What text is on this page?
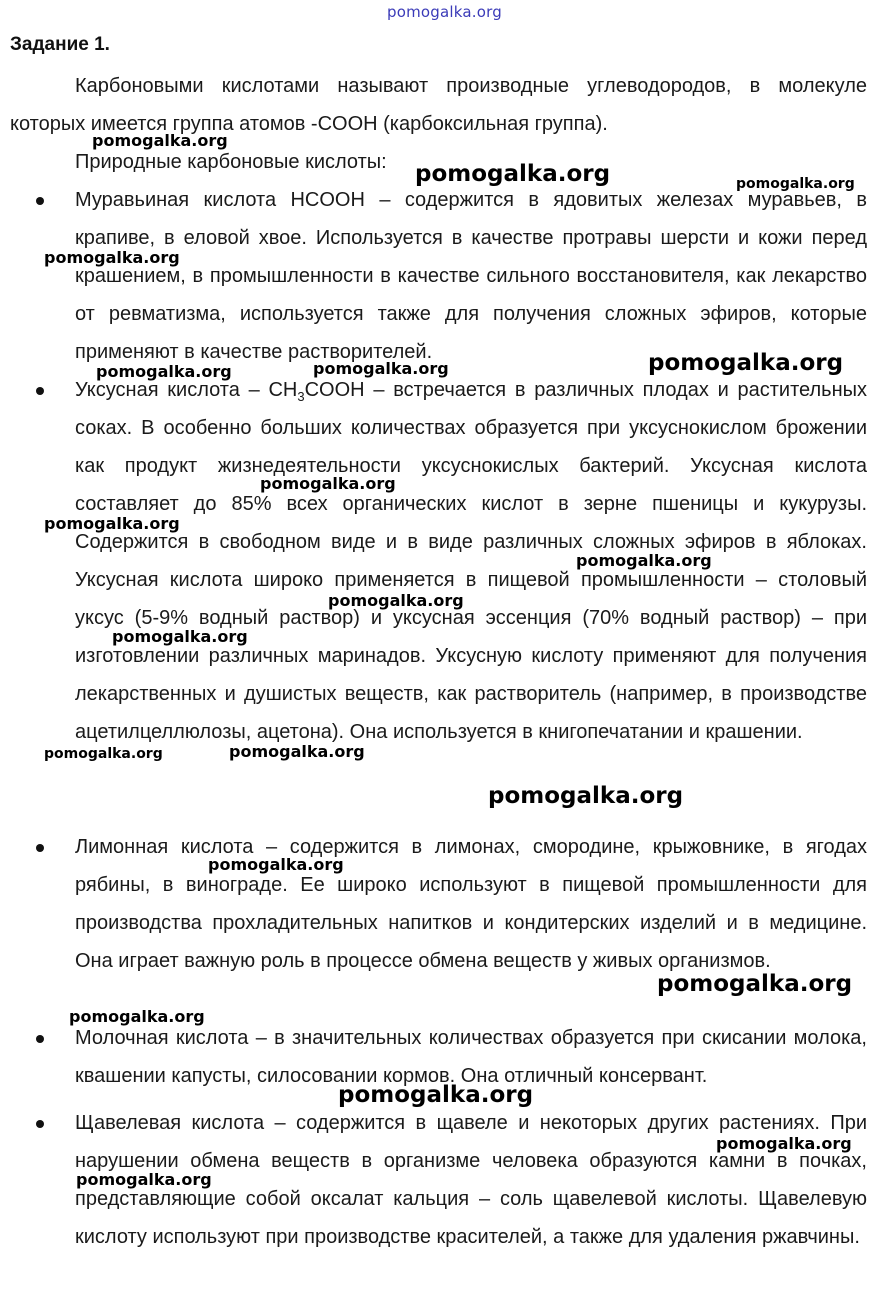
pomogalka.org
Задание 1.
Карбоновыми кислотами называют производные углеводородов, в молекуле которых имеется группа атомов -COOH (карбоксильная группа).
Природные карбоновые кислоты:
Муравьиная кислота HCOOH – содержится в ядовитых железах муравьев, в крапиве, в еловой хвое. Используется в качестве протравы шерсти и кожи перед крашением, в промышленности в качестве сильного восстановителя, как лекарство от ревматизма, используется также для получения сложных эфиров, которые применяют в качестве растворителей.
Уксусная кислота – $CH_3COOH$ – встречается в различных плодах и растительных соках. В особенно больших количествах образуется при уксуснокислом брожении как продукт жизнедеятельности уксуснокислых бактерий. Уксусная кислота составляет до 85% всех органических кислот в зерне пшеницы и кукурузы. Содержится в свободном виде и в виде различных сложных эфиров в яблоках. Уксусная кислота широко применяется в пищевой промышленности – столовый уксус (5-9% водный раствор) и уксусная эссенция (70% водный раствор) – при изготовлении различных маринадов. Уксусную кислоту применяют для получения лекарственных и душистых веществ, как растворитель (например, в производстве ацетилцеллюлозы, ацетона). Она используется в книгопечатании и крашении.
Лимонная кислота – содержится в лимонах, смородине, крыжовнике, в ягодах рябины, в винограде. Ее широко используют в пищевой промышленности для производства прохладительных напитков и кондитерских изделий и в медицине. Она играет важную роль в процессе обмена веществ у живых организмов.
Молочная кислота – в значительных количествах образуется при скисании молока, квашении капусты, силосовании кормов. Она отличный консервант.
Щавелевая кислота – содержится в щавеле и некоторых других растениях. При нарушении обмена веществ в организме человека образуются камни в почках, представляющие собой оксалат кальция – соль щавелевой кислоты. Щавелевую кислоту используют при производстве красителей, а также для удаления ржавчины.
pomogalka.org
pomogalka.org	pomogalka.org
pomogalka.org
pomogalka.org	pomogalka.org	pomogalka.org
pomogalka.org
pomogalka.org
pomogalka.org
pomogalka.org
pomogalka.org
pomogalka.org	pomogalka.org
pomogalka.org
pomogalka.org
pomogalka.org
pomogalka.org
pomogalka.org
pomogalka.org
pomogalka.org
